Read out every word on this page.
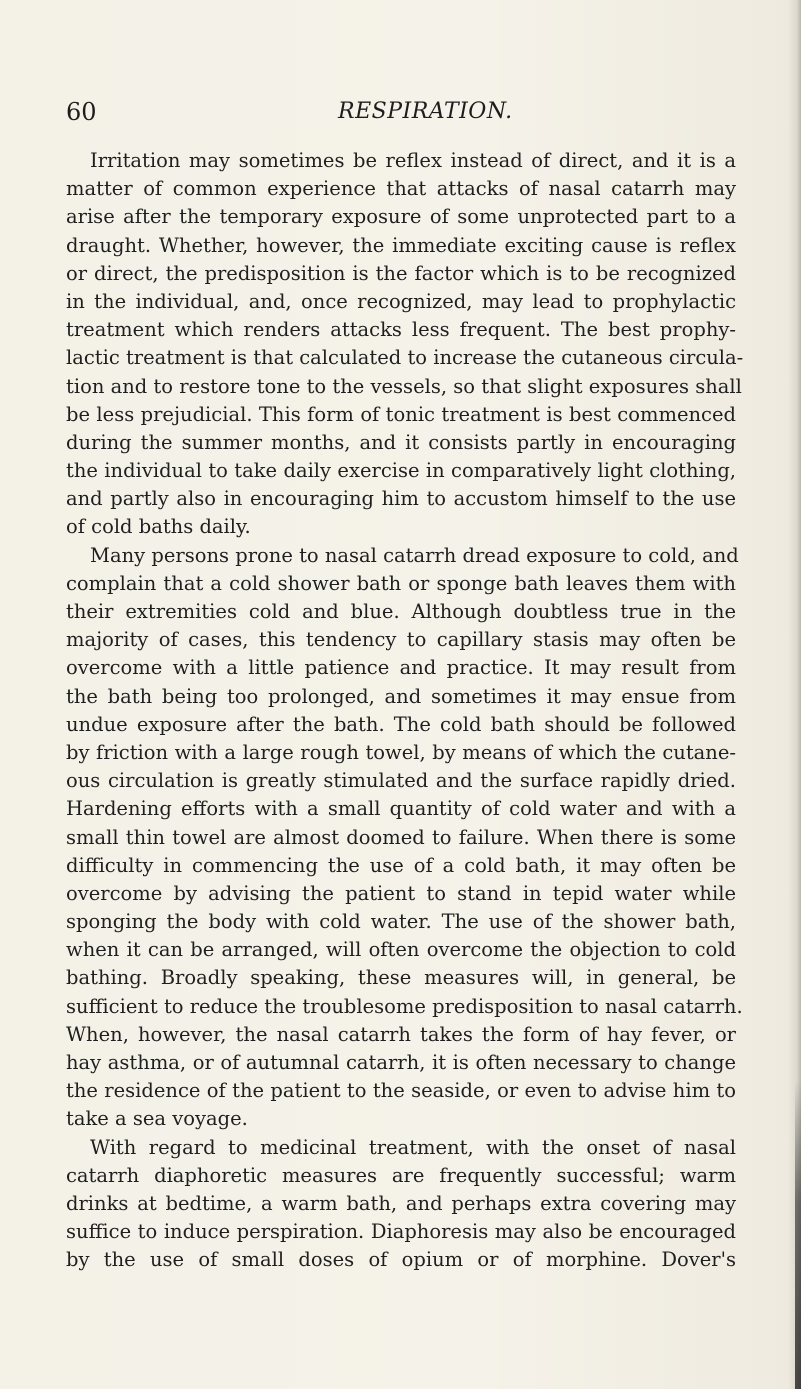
60	RESPIRATION.
Irritation may sometimes be reflex instead of direct, and it is a
matter of common experience that attacks of nasal catarrh may
arise after the temporary exposure of some unprotected part to a
draught. Whether, however, the immediate exciting cause is reflex
or direct, the predisposition is the factor which is to be recognized
in the individual, and, once recognized, may lead to prophylactic
treatment which renders attacks less frequent. The best prophy-
lactic treatment is that calculated to increase the cutaneous circula-
tion and to restore tone to the vessels, so that slight exposures shall
be less prejudicial. This form of tonic treatment is best commenced
during the summer months, and it consists partly in encouraging
the individual to take daily exercise in comparatively light clothing,
and partly also in encouraging him to accustom himself to the use
of cold baths daily.
Many persons prone to nasal catarrh dread exposure to cold, and
complain that a cold shower bath or sponge bath leaves them with
their extremities cold and blue. Although doubtless true in the
majority of cases, this tendency to capillary stasis may often be
overcome with a little patience and practice. It may result from
the bath being too prolonged, and sometimes it may ensue from
undue exposure after the bath. The cold bath should be followed
by friction with a large rough towel, by means of which the cutane-
ous circulation is greatly stimulated and the surface rapidly dried.
Hardening efforts with a small quantity of cold water and with a
small thin towel are almost doomed to failure. When there is some
difficulty in commencing the use of a cold bath, it may often be
overcome by advising the patient to stand in tepid water while
sponging the body with cold water. The use of the shower bath,
when it can be arranged, will often overcome the objection to cold
bathing. Broadly speaking, these measures will, in general, be
sufficient to reduce the troublesome predisposition to nasal catarrh.
When, however, the nasal catarrh takes the form of hay fever, or
hay asthma, or of autumnal catarrh, it is often necessary to change
the residence of the patient to the seaside, or even to advise him to
take a sea voyage.
With regard to medicinal treatment, with the onset of nasal
catarrh diaphoretic measures are frequently successful; warm
drinks at bedtime, a warm bath, and perhaps extra covering may
suffice to induce perspiration. Diaphoresis may also be encouraged
by the use of small doses of opium or of morphine. Dover's
